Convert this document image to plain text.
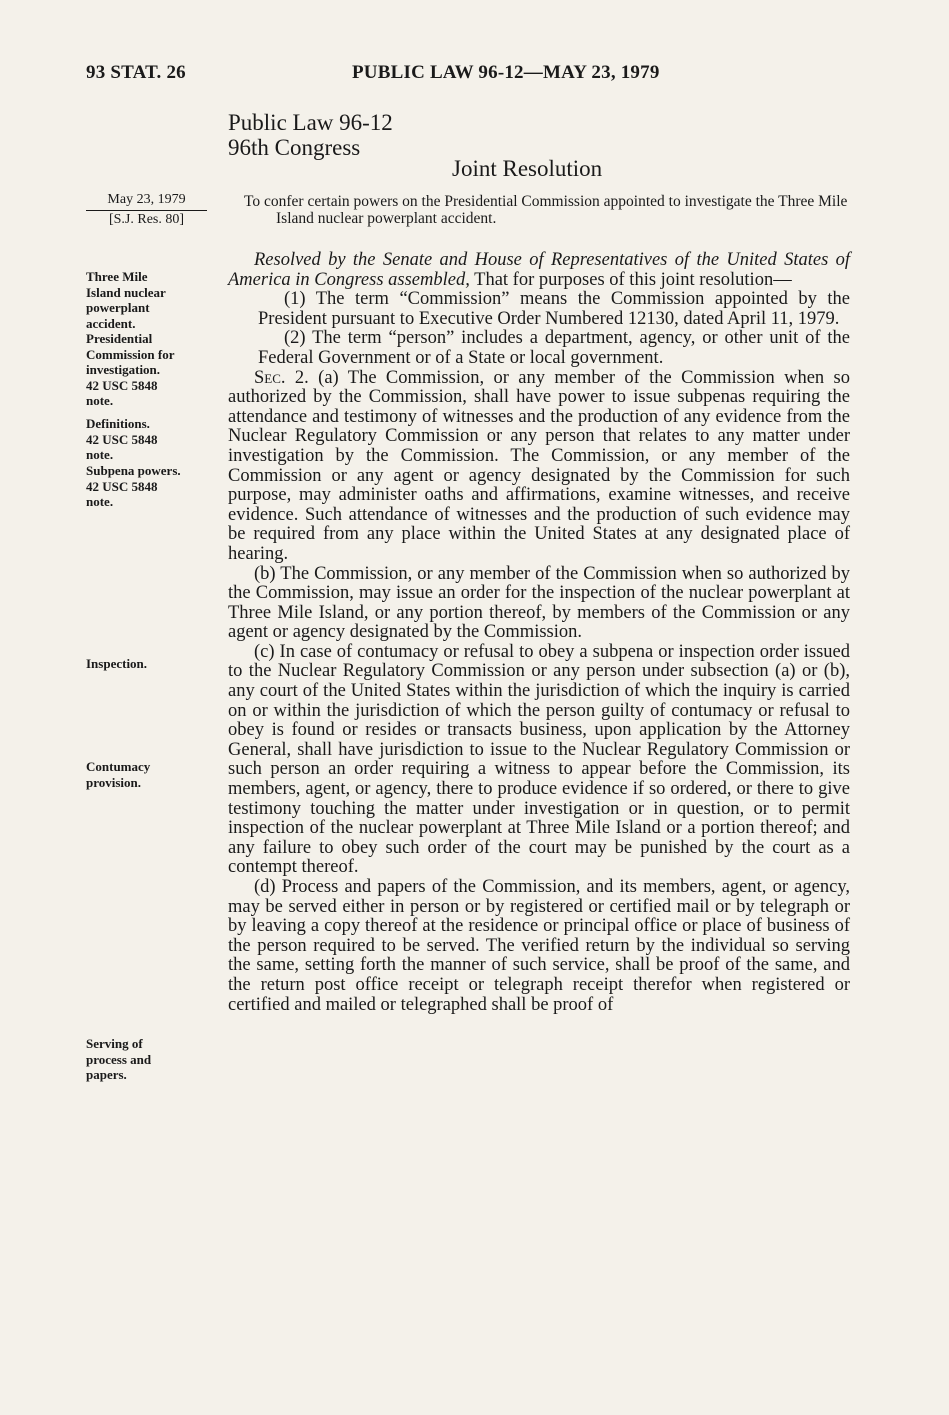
93 STAT. 26	PUBLIC LAW 96-12—MAY 23, 1979
Public Law 96-12
96th Congress
Joint Resolution
May 23, 1979
[S.J. Res. 80]
To confer certain powers on the Presidential Commission appointed to investigate the Three Mile Island nuclear powerplant accident.
Three Mile
Island nuclear
powerplant
accident.
Presidential
Commission for
investigation.
42 USC 5848
note.
Definitions.
42 USC 5848
note.
Subpena powers.
42 USC 5848
note.
Inspection.
Contumacy
provision.
Serving of
process and
papers.

Resolved by the Senate and House of Representatives of the United States of America in Congress assembled, That for purposes of this joint resolution—

(1) The term “Commission” means the Commission appointed by the President pursuant to Executive Order Numbered 12130, dated April 11, 1979.

(2) The term “person” includes a department, agency, or other unit of the Federal Government or of a State or local government.

Sec. 2. (a) The Commission, or any member of the Commission when so authorized by the Commission, shall have power to issue subpenas requiring the attendance and testimony of witnesses and the production of any evidence from the Nuclear Regulatory Commission or any person that relates to any matter under investigation by the Commission. The Commission, or any member of the Commission or any agent or agency designated by the Commission for such purpose, may administer oaths and affirmations, examine witnesses, and receive evidence. Such attendance of witnesses and the production of such evidence may be required from any place within the United States at any designated place of hearing.

(b) The Commission, or any member of the Commission when so authorized by the Commission, may issue an order for the inspection of the nuclear powerplant at Three Mile Island, or any portion thereof, by members of the Commission or any agent or agency designated by the Commission.

(c) In case of contumacy or refusal to obey a subpena or inspection order issued to the Nuclear Regulatory Commission or any person under subsection (a) or (b), any court of the United States within the jurisdiction of which the inquiry is carried on or within the jurisdiction of which the person guilty of contumacy or refusal to obey is found or resides or transacts business, upon application by the Attorney General, shall have jurisdiction to issue to the Nuclear Regulatory Commission or such person an order requiring a witness to appear before the Commission, its members, agent, or agency, there to produce evidence if so ordered, or there to give testimony touching the matter under investigation or in question, or to permit inspection of the nuclear powerplant at Three Mile Island or a portion thereof; and any failure to obey such order of the court may be punished by the court as a contempt thereof.

(d) Process and papers of the Commission, and its members, agent, or agency, may be served either in person or by registered or certified mail or by telegraph or by leaving a copy thereof at the residence or principal office or place of business of the person required to be served. The verified return by the individual so serving the same, setting forth the manner of such service, shall be proof of the same, and the return post office receipt or telegraph receipt therefor when registered or certified and mailed or telegraphed shall be proof of
